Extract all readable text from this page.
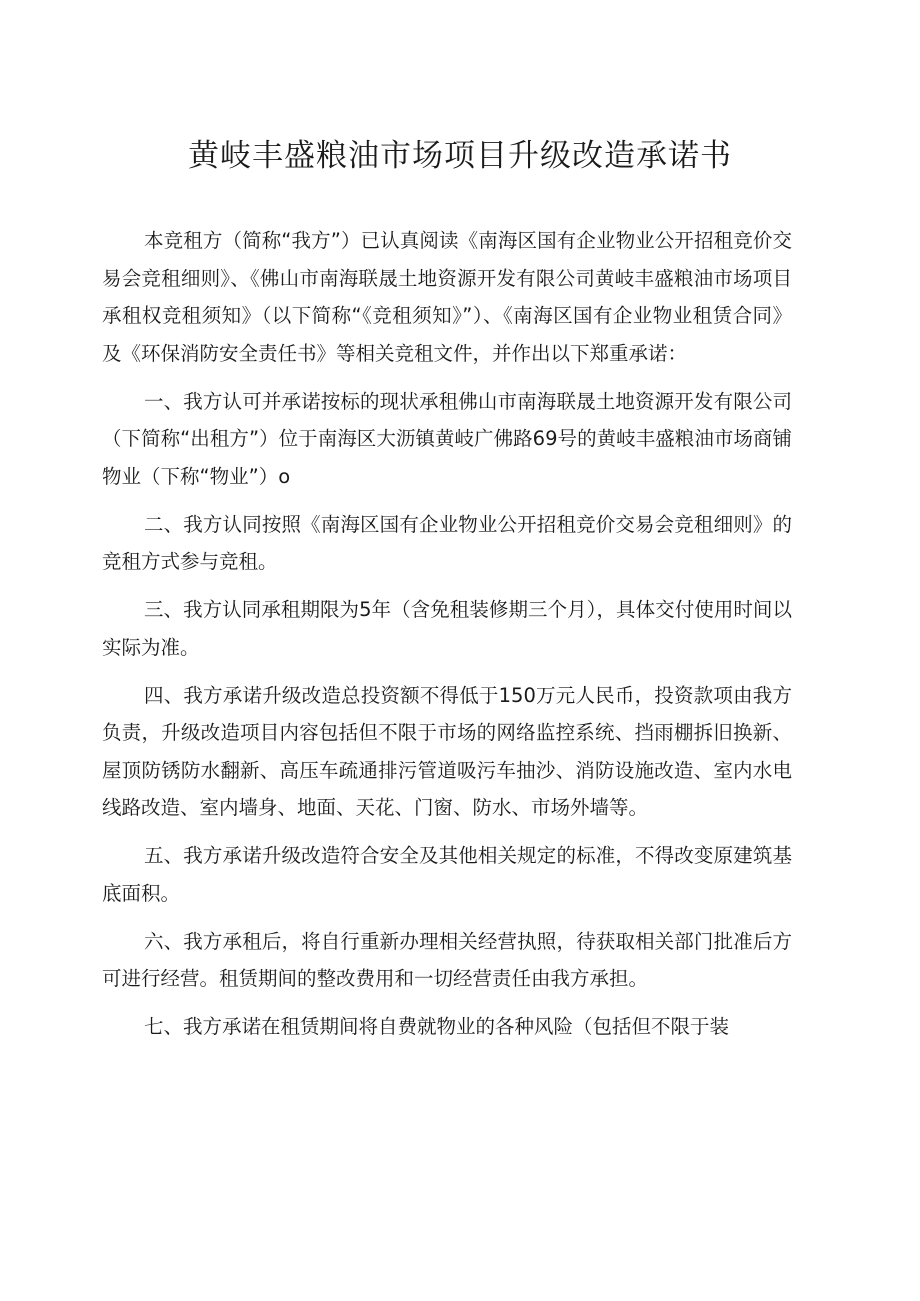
黄岐丰盛粮油市场项目升级改造承诺书

本竞租方（简称“我方”）已认真阅读《南海区国有企业物业公开招租竞价交易会竞租细则》、《佛山市南海联晟土地资源开发有限公司黄岐丰盛粮油市场项目承租权竞租须知》（以下简称“《竞租须知》”）、《南海区国有企业物业租赁合同》及《环保消防安全责任书》等相关竞租文件，并作出以下郑重承诺：

一、我方认可并承诺按标的现状承租佛山市南海联晟土地资源开发有限公司（下简称“出租方”）位于南海区大沥镇黄岐广佛路69号的黄岐丰盛粮油市场商铺物业（下称“物业”）o

二、我方认同按照《南海区国有企业物业公开招租竞价交易会竞租细则》的竞租方式参与竞租。

三、我方认同承租期限为5年（含免租装修期三个月），具体交付使用时间以实际为准。

四、我方承诺升级改造总投资额不得低于150万元人民币，投资款项由我方负责，升级改造项目内容包括但不限于市场的网络监控系统、挡雨棚拆旧换新、屋顶防锈防水翻新、高压车疏通排污管道吸污车抽沙、消防设施改造、室内水电线路改造、室内墙身、地面、天花、门窗、防水、市场外墙等。

五、我方承诺升级改造符合安全及其他相关规定的标准，不得改变原建筑基底面积。

六、我方承租后，将自行重新办理相关经营执照，待获取相关部门批准后方可进行经营。租赁期间的整改费用和一切经营责任由我方承担。

七、我方承诺在租赁期间将自费就物业的各种风险（包括但不限于装
